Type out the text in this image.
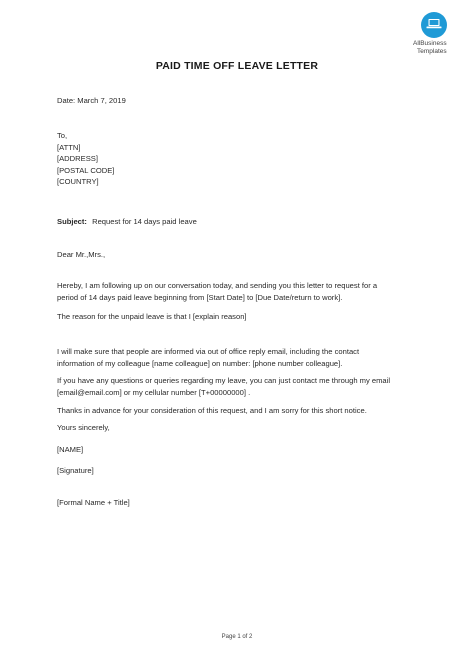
AllBusiness
Templates
PAID TIME OFF LEAVE LETTER
Date: March 7, 2019
To,
[ATTN]
[ADDRESS]
[POSTAL CODE]
[COUNTRY]
Subject: Request for 14 days paid leave
Dear Mr.,Mrs.,
Hereby, I am following up on our conversation today, and sending you this letter to request for a
period of 14 days paid leave beginning from [Start Date] to [Due Date/return to work].
The reason for the unpaid leave is that I [explain reason]
I will make sure that people are informed via out of office reply email, including the contact
information of my colleague [name colleague] on number: [phone number colleague].
If you have any questions or queries regarding my leave, you can just contact me through my email
[email@email.com] or my cellular number [T+00000000] .
Thanks in advance for your consideration of this request, and I am sorry for this short notice.
Yours sincerely,
[NAME]
[Signature]
[Formal Name + Title]
Page 1 of 2
